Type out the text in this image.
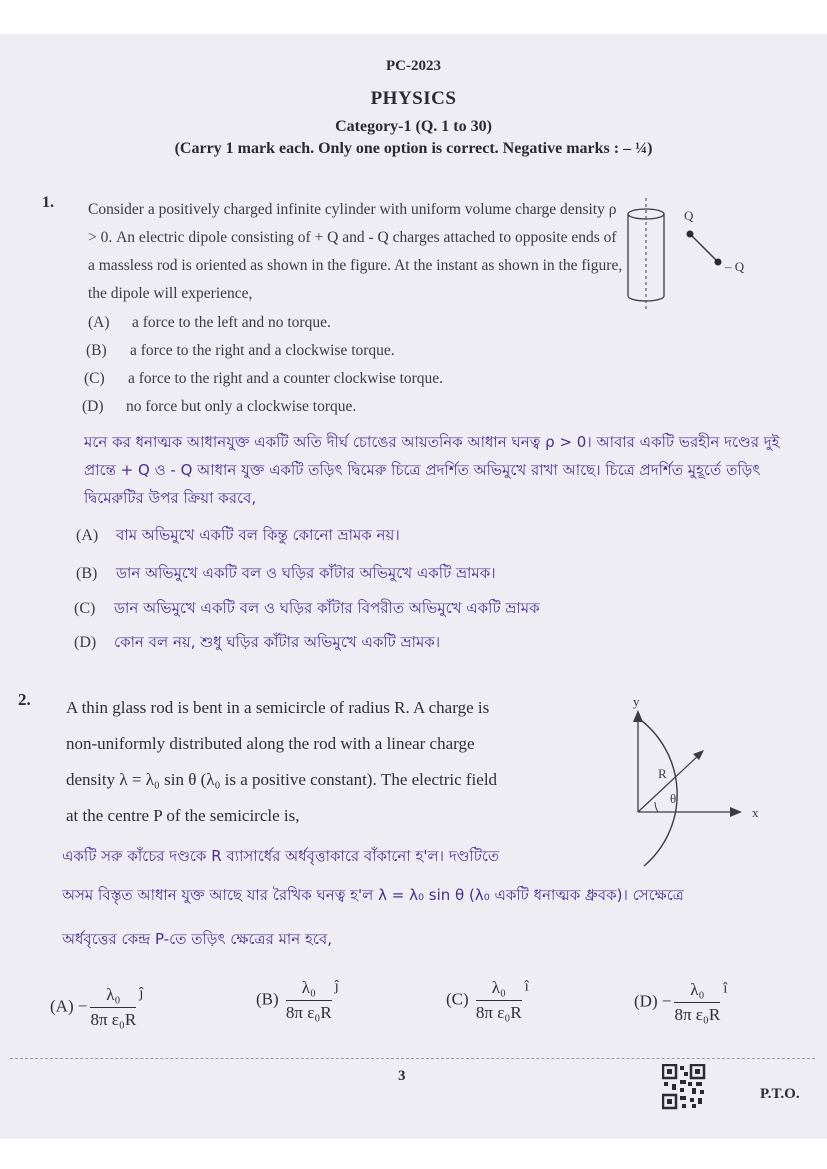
PC-2023
PHYSICS
Category-1 (Q. 1 to 30)
(Carry 1 mark each. Only one option is correct. Negative marks : – ¼)
1. Consider a positively charged infinite cylinder with uniform volume charge density ρ > 0. An electric dipole consisting of + Q and - Q charges attached to opposite ends of a massless rod is oriented as shown in the figure. At the instant as shown in the figure, the dipole will experience,
Q
– Q
(A) a force to the left and no torque.
(B) a force to the right and a clockwise torque.
(C) a force to the right and a counter clockwise torque.
(D) no force but only a clockwise torque.
মনে কর ধনাত্মক আধানযুক্ত একটি অতি দীর্ঘ চোঙের আয়তনিক আধান ঘনত্ব ρ > 0। আবার একটি ভরহীন দণ্ডের দুই প্রান্তে + Q ও - Q আধান যুক্ত একটি তড়িৎ দ্বিমেরু চিত্রে প্রদর্শিত অভিমুখে রাখা আছে। চিত্রে প্রদর্শিত মুহূর্তে তড়িৎ দ্বিমেরুটির উপর ক্রিয়া করবে,
(A) বাম অভিমুখে একটি বল কিন্তু কোনো ভ্রামক নয়।
(B) ডান অভিমুখে একটি বল ও ঘড়ির কাঁটার অভিমুখে একটি ভ্রামক।
(C) ডান অভিমুখে একটি বল ও ঘড়ির কাঁটার বিপরীত অভিমুখে একটি ভ্রামক
(D) কোন বল নয়, শুধু ঘড়ির কাঁটার অভিমুখে একটি ভ্রামক।
2. A thin glass rod is bent in a semicircle of radius R. A charge is
non-uniformly distributed along the rod with a linear charge
density λ = λ₀ sin θ (λ₀ is a positive constant). The electric field
at the centre P of the semicircle is,
y
x
R
θ
একটি সরু কাঁচের দণ্ডকে R ব্যাসার্ধের অর্ধবৃত্তাকারে বাঁকানো হ'ল। দণ্ডটিতে
অসম বিস্তৃত আধান যুক্ত আছে যার রৈখিক ঘনত্ব হ'ল λ = λ₀ sin θ (λ₀ একটি ধনাত্মক ধ্রুবক)। সেক্ষেত্রে
অর্ধবৃত্তের কেন্দ্র P-তে তড়িৎ ক্ষেত্রের মান হবে,
$(A) - \frac{\text{λ₀}}{\text{8π ε₀R}}$ ĵ	$(B) \frac{\text{λ₀}}{\text{8π ε₀R}}$ ĵ
$(C) \frac{\text{λ₀}}{\text{8π ε₀R}}$ î
$(D) - \frac{\text{λ₀}}{\text{8π ε₀R}}$ î
3
P.T.O.
